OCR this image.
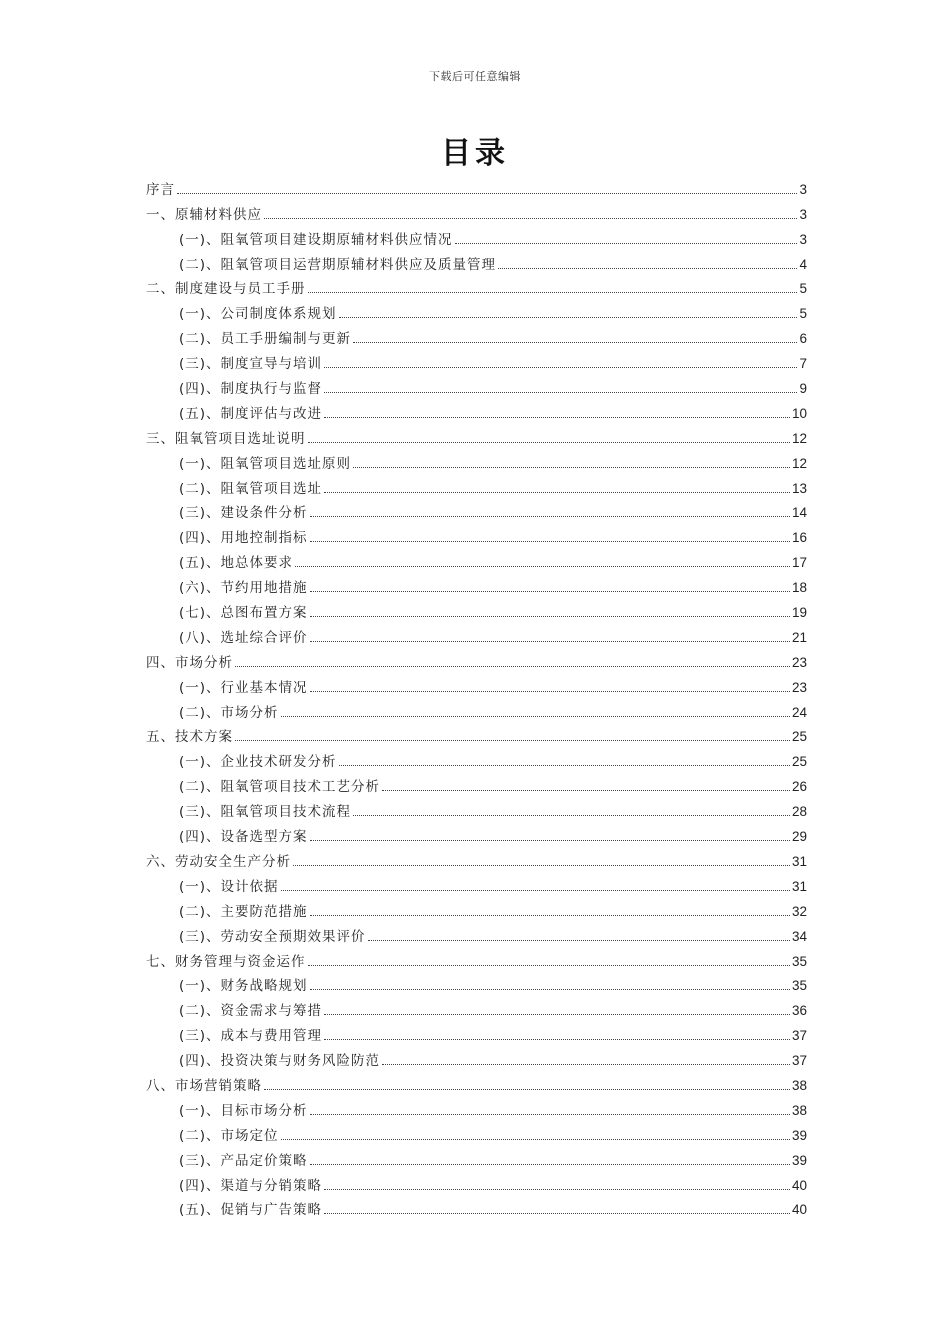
下载后可任意编辑
目录
序言	3
一、原辅材料供应	3
(一)、阻氧管项目建设期原辅材料供应情况	3
(二)、阻氧管项目运营期原辅材料供应及质量管理	4
二、制度建设与员工手册	5
(一)、公司制度体系规划	5
(二)、员工手册编制与更新	6
(三)、制度宣导与培训	7
(四)、制度执行与监督	9
(五)、制度评估与改进	10
三、阻氧管项目选址说明	12
(一)、阻氧管项目选址原则	12
(二)、阻氧管项目选址	13
(三)、建设条件分析	14
(四)、用地控制指标	16
(五)、地总体要求	17
(六)、节约用地措施	18
(七)、总图布置方案	19
(八)、选址综合评价	21
四、市场分析	23
(一)、行业基本情况	23
(二)、市场分析	24
五、技术方案	25
(一)、企业技术研发分析	25
(二)、阻氧管项目技术工艺分析	26
(三)、阻氧管项目技术流程	28
(四)、设备选型方案	29
六、劳动安全生产分析	31
(一)、设计依据	31
(二)、主要防范措施	32
(三)、劳动安全预期效果评价	34
七、财务管理与资金运作	35
(一)、财务战略规划	35
(二)、资金需求与筹措	36
(三)、成本与费用管理	37
(四)、投资决策与财务风险防范	37
八、市场营销策略	38
(一)、目标市场分析	38
(二)、市场定位	39
(三)、产品定价策略	39
(四)、渠道与分销策略	40
(五)、促销与广告策略	40
